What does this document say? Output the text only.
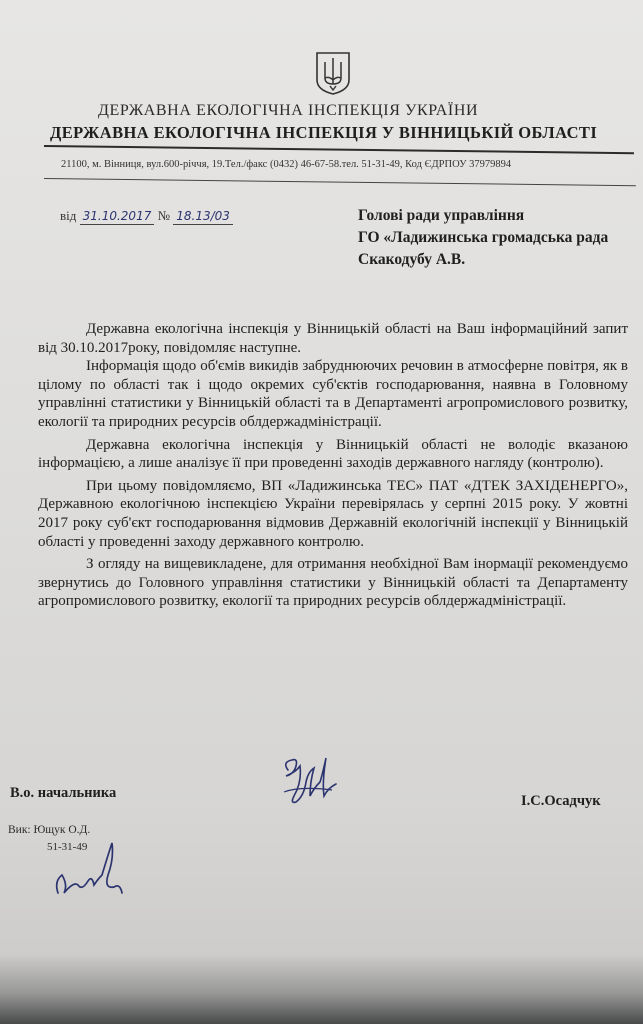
ДЕРЖАВНА ЕКОЛОГІЧНА ІНСПЕКЦІЯ УКРАЇНИ
ДЕРЖАВНА ЕКОЛОГІЧНА ІНСПЕКЦІЯ У ВІННИЦЬКІЙ ОБЛАСТІ
21100, м. Вінниця, вул.600-річчя, 19.Тел./факс (0432) 46-67-58.тел. 51-31-49, Код ЄДРПОУ 37979894
від 31.10.2017 № 18.13/03	Голові ради управління
ГО «Ладижинська громадська рада
Скакодубу А.В.

Державна екологічна інспекція у Вінницькій області на Ваш інформаційний запит від 30.10.2017року, повідомляє наступне.

Інформація щодо об'ємів викидів забруднюючих речовин в атмосферне повітря, як в цілому по області так і щодо окремих суб'єктів господарювання, наявна в Головному управлінні статистики у Вінницькій області та в Департаменті агропромислового розвитку, екології та природних ресурсів облдержадміністрації.

Державна екологічна інспекція у Вінницькій області не володіє вказаною інформацією, а лише аналізує її при проведенні заходів державного нагляду (контролю).

При цьому повідомляємо, ВП «Ладижинська ТЕС» ПАТ «ДТЕК ЗАХІДЕНЕРГО», Державною екологічною інспекцією України перевірялась у серпні 2015 року. У жовтні 2017 року суб'єкт господарювання відмовив Державній екологічній інспекції у Вінницькій області у проведенні заходу державного контролю.

З огляду на вищевикладене, для отримання необхідної Вам інормації рекомендуємо звернутись до Головного управління статистики у Вінницькій області та Департаменту агропромислового розвитку, екології та природних ресурсів облдержадміністрації.

В.о. начальника	І.С.Осадчук
Вик: Ющук О.Д.
51-31-49
